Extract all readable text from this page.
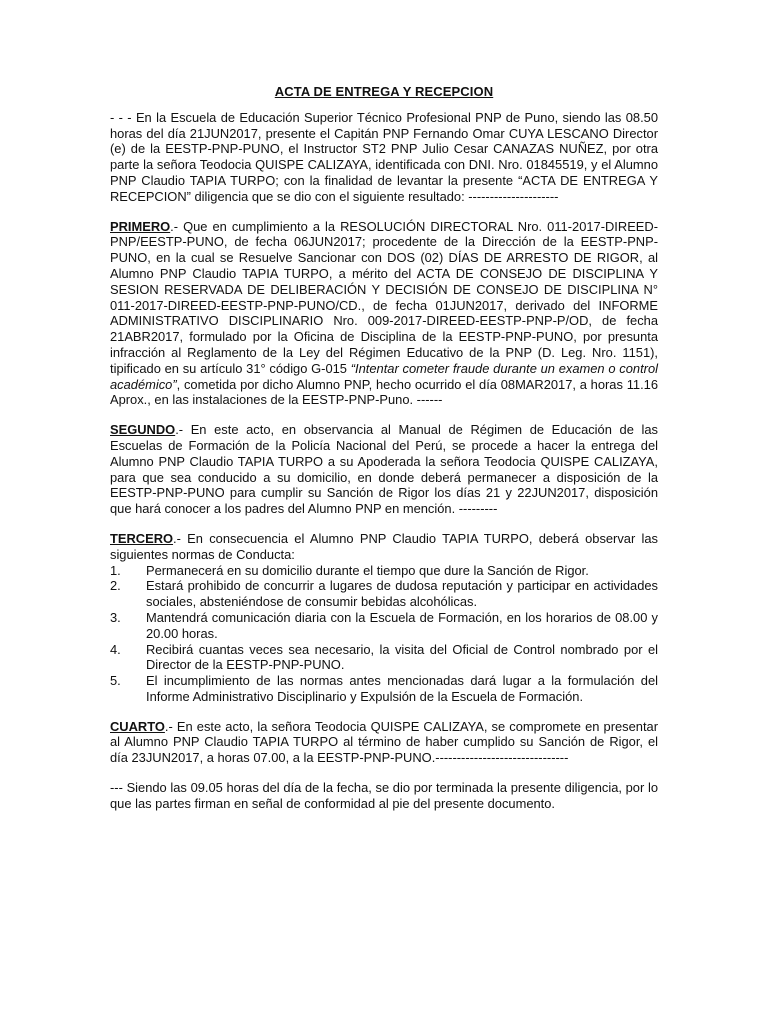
ACTA DE ENTREGA Y RECEPCION

- - - En la Escuela de Educación Superior Técnico Profesional PNP de Puno, siendo las 08.50 horas del día 21JUN2017, presente el Capitán PNP Fernando Omar CUYA LESCANO Director (e) de la EESTP-PNP-PUNO, el Instructor ST2 PNP Julio Cesar CANAZAS NUÑEZ, por otra parte la señora Teodocia QUISPE CALIZAYA, identificada con DNI. Nro. 01845519, y el Alumno PNP Claudio TAPIA TURPO; con la finalidad de levantar la presente “ACTA DE ENTREGA Y RECEPCION” diligencia que se dio con el siguiente resultado: ---------------------

PRIMERO.- Que en cumplimiento a la RESOLUCIÓN DIRECTORAL Nro. 011-2017-DIREED-PNP/EESTP-PUNO, de fecha 06JUN2017; procedente de la Dirección de la EESTP-PNP-PUNO, en la cual se Resuelve Sancionar con DOS (02) DÍAS DE ARRESTO DE RIGOR, al Alumno PNP Claudio TAPIA TURPO, a mérito del ACTA DE CONSEJO DE DISCIPLINA Y SESION RESERVADA DE DELIBERACIÓN Y DECISIÓN DE CONSEJO DE DISCIPLINA N° 011-2017-DIREED-EESTP-PNP-PUNO/CD., de fecha 01JUN2017, derivado del INFORME ADMINISTRATIVO DISCIPLINARIO Nro. 009-2017-DIREED-EESTP-PNP-P/OD, de fecha 21ABR2017, formulado por la Oficina de Disciplina de la EESTP-PNP-PUNO, por presunta infracción al Reglamento de la Ley del Régimen Educativo de la PNP (D. Leg. Nro. 1151), tipificado en su artículo 31° código G-015 “Intentar cometer fraude durante un examen o control académico”, cometida por dicho Alumno PNP, hecho ocurrido el día 08MAR2017, a horas 11.16 Aprox., en las instalaciones de la EESTP-PNP-Puno. ------

SEGUNDO.- En este acto, en observancia al Manual de Régimen de Educación de las Escuelas de Formación de la Policía Nacional del Perú, se procede a hacer la entrega del Alumno PNP Claudio TAPIA TURPO a su Apoderada la señora Teodocia QUISPE CALIZAYA, para que sea conducido a su domicilio, en donde deberá permanecer a disposición de la EESTP-PNP-PUNO para cumplir su Sanción de Rigor los días 21 y 22JUN2017, disposición que hará conocer a los padres del Alumno PNP en mención. ---------

TERCERO.- En consecuencia el Alumno PNP Claudio TAPIA TURPO, deberá observar las siguientes normas de Conducta:

1. Permanecerá en su domicilio durante el tiempo que dure la Sanción de Rigor.
2. Estará prohibido de concurrir a lugares de dudosa reputación y participar en actividades sociales, absteniéndose de consumir bebidas alcohólicas.
3. Mantendrá comunicación diaria con la Escuela de Formación, en los horarios de 08.00 y 20.00 horas.
4. Recibirá cuantas veces sea necesario, la visita del Oficial de Control nombrado por el Director de la EESTP-PNP-PUNO.
5. El incumplimiento de las normas antes mencionadas dará lugar a la formulación del Informe Administrativo Disciplinario y Expulsión de la Escuela de Formación.

CUARTO.- En este acto, la señora Teodocia QUISPE CALIZAYA, se compromete en presentar al Alumno PNP Claudio TAPIA TURPO al término de haber cumplido su Sanción de Rigor, el día 23JUN2017, a horas 07.00, a la EESTP-PNP-PUNO.-------------------------------

--- Siendo las 09.05 horas del día de la fecha, se dio por terminada la presente diligencia, por lo que las partes firman en señal de conformidad al pie del presente documento.
